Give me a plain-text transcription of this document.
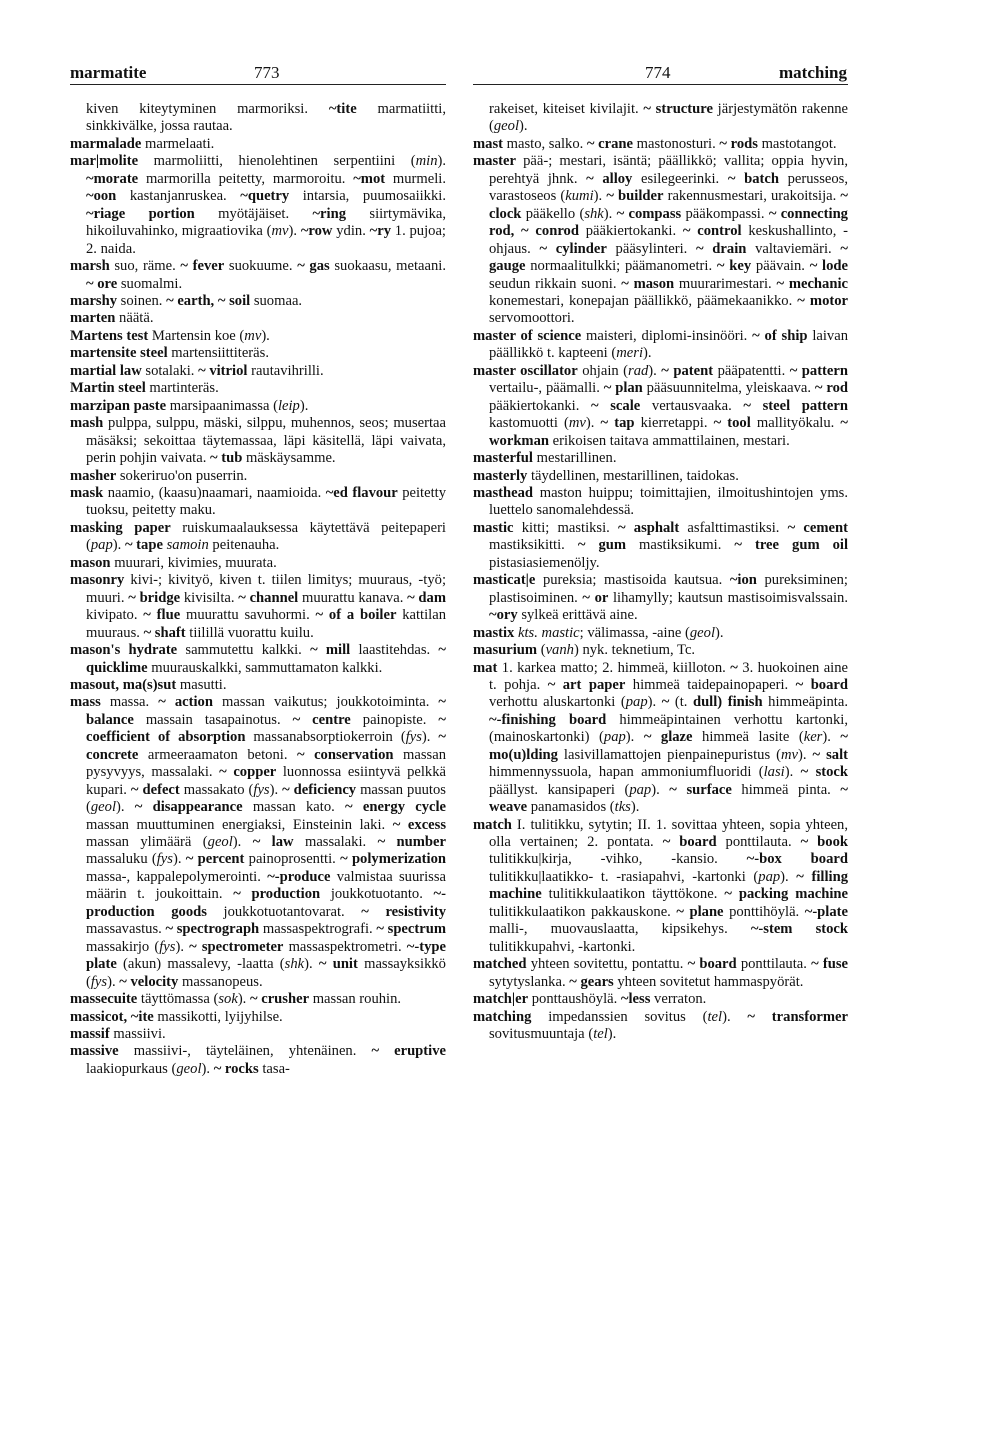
marmatite	773	774	matching
kiven kiteytyminen marmoriksi. ~tite marmatiitti, sinkkivälke, jossa rautaa.
marmalade marmelaati.
mar|molite marmoliitti, hienolehtinen serpentiini (min). ~morate marmorilla peitetty, marmoroitu. ~mot murmeli. ~oon kastanjanruskea. ~quetry intarsia, puumosaiikki. ~riage portion myötäjäiset. ~ring siirtymävika, hikoiluvahinko, migraatiovika (mv). ~row ydin. ~ry 1. pujoa; 2. naida.
marsh suo, räme. ~ fever suokuume. ~ gas suokaasu, metaani. ~ ore suomalmi.
marshy soinen. ~ earth, ~ soil suomaa.
marten näätä.
Martens test Martensin koe (mv).
martensite steel martensiittiteräs.
martial law sotalaki. ~ vitriol rautavihrilli.
Martin steel martinteräs.
marzipan paste marsipaanimassa (leip).
mash pulppa, sulppu, mäski, silppu, muhennos, seos; musertaa mäsäksi; sekoittaa täytemassaa, läpi käsitellä, läpi vaivata, perin pohjin vaivata. ~ tub mäskäysamme.
masher sokeriruo'on puserrin.
mask naamio, (kaasu)naamari, naamioida. ~ed flavour peitetty tuoksu, peitetty maku.
masking paper ruiskumaalauksessa käytettävä peitepaperi (pap). ~ tape samoin peitenauha.
mason muurari, kivimies, muurata.
masonry kivi-; kivityö, kiven t. tiilen limitys; muuraus, -työ; muuri. ~ bridge kivisilta. ~ channel muurattu kanava. ~ dam kivipato. ~ flue muurattu savuhormi. ~ of a boiler kattilan muuraus. ~ shaft tiilillä vuorattu kuilu.
mason's hydrate sammutettu kalkki. ~ mill laastitehdas. ~ quicklime muurauskalkki, sammuttamaton kalkki.
masout, ma(s)sut masutti.
mass massa. ~ action massan vaikutus; joukkotoiminta. ~ balance massain tasapainotus. ~ centre painopiste. ~ coefficient of absorption massanabsorptiokerroin (fys). ~ concrete armeeraamaton betoni. ~ conservation massan pysyvyys, massalaki. ~ copper luonnossa esiintyvä pelkkä kupari. ~ defect massakato (fys). ~ deficiency massan puutos (geol). ~ disappearance massan kato. ~ energy cycle massan muuttuminen energiaksi, Einsteinin laki. ~ excess massan ylimäärä (geol). ~ law massalaki. ~ number massaluku (fys). ~ percent painoprosentti. ~ polymerization massa-, kappalepolymerointi. ~-produce valmistaa suurissa määrin t. joukoittain. ~ production joukkotuotanto. ~-production goods joukkotuotantovarat. ~ resistivity massavastus. ~ spectrograph massaspektrografi. ~ spectrum massakirjo (fys). ~ spectrometer massaspektrometri. ~-type plate (akun) massalevy, -laatta (shk). ~ unit massayksikkö (fys). ~ velocity massanopeus.
massecuite täyttömassa (sok). ~ crusher massan rouhin.
massicot, ~ite massikotti, lyijyhilse.
massif massiivi.
massive massiivi-, täyteläinen, yhtenäinen. ~ eruptive laakiopurkaus (geol). ~ rocks tasa-
rakeiset, kiteiset kivilajit. ~ structure järjestymätön rakenne (geol).
mast masto, salko. ~ crane mastonosturi. ~ rods mastotangot.
master pää-; mestari, isäntä; päällikkö; vallita; oppia hyvin, perehtyä jhnk. ~ alloy esilegeerinki. ~ batch perusseos, varastoseos (kumi). ~ builder rakennusmestari, urakoitsija. ~ clock pääkello (shk). ~ compass pääkompassi. ~ connecting rod, ~ conrod pääkiertokanki. ~ control keskushallinto, -ohjaus. ~ cylinder pääsylinteri. ~ drain valtaviemäri. ~ gauge normaalitulkki; päämanometri. ~ key päävain. ~ lode seudun rikkain suoni. ~ mason muurarimestari. ~ mechanic konemestari, konepajan päällikkö, päämekaanikko. ~ motor servomoottori.
master of science maisteri, diplomi-insinööri. ~ of ship laivan päällikkö t. kapteeni (meri).
master oscillator ohjain (rad). ~ patent pääpatentti. ~ pattern vertailu-, päämalli. ~ plan pääsuunnitelma, yleiskaava. ~ rod pääkiertokanki. ~ scale vertausvaaka. ~ steel pattern kastomuotti (mv). ~ tap kierretappi. ~ tool mallityökalu. ~ workman erikoisen taitava ammattilainen, mestari.
masterful mestarillinen.
masterly täydellinen, mestarillinen, taidokas.
masthead maston huippu; toimittajien, ilmoitushintojen yms. luettelo sanomalehdessä.
mastic kitti; mastiksi. ~ asphalt asfalttimastiksi. ~ cement mastiksikitti. ~ gum mastiksikumi. ~ tree gum oil pistasiasiemenöljy.
masticat|e pureksia; mastisoida kautsua. ~ion pureksiminen; plastisoiminen. ~ or lihamylly; kautsun mastisoimisvalssain. ~ory sylkeä erittävä aine.
mastix kts. mastic; välimassa, -aine (geol).
masurium (vanh) nyk. teknetium, Tc.
mat 1. karkea matto; 2. himmeä, kiilloton. ~ 3. huokoinen aine t. pohja. ~ art paper himmeä taidepainopaperi. ~ board verhottu aluskartonki (pap). ~ (t. dull) finish himmeäpinta. ~-finishing board himmeäpintainen verhottu kartonki, (mainoskartonki) (pap). ~ glaze himmeä lasite (ker). ~ mo(u)lding lasivillamattojen pienpainepuristus (mv). ~ salt himmennyssuola, hapan ammoniumfluoridi (lasi). ~ stock päällyst. kansipaperi (pap). ~ surface himmeä pinta. ~ weave panamasidos (tks).
match I. tulitikku, sytytin; II. 1. sovittaa yhteen, sopia yhteen, olla vertainen; 2. pontata. ~ board ponttilauta. ~ book tulitikku|kirja, -vihko, -kansio. ~-box board tulitikku|laatikko- t. -rasiapahvi, -kartonki (pap). ~ filling machine tulitikkulaatikon täyttökone. ~ packing machine tulitikkulaatikon pakkauskone. ~ plane ponttihöylä. ~-plate malli-, muovauslaatta, kipsikehys. ~-stem stock tulitikkupahvi, -kartonki.
matched yhteen sovitettu, pontattu. ~ board ponttilauta. ~ fuse sytytyslanka. ~ gears yhteen sovitetut hammaspyörät.
match|er ponttaushöylä. ~less verraton.
matching impedanssien sovitus (tel). ~ transformer sovitusmuuntaja (tel).
